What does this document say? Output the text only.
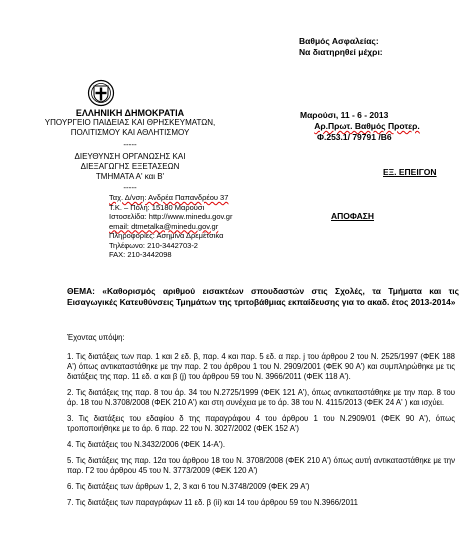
Βαθμός Ασφαλείας:
Να διατηρηθεί μέχρι:
Μαρούσι, 11 - 6 - 2013
Αρ.Πρωτ. Βαθμός Προτερ.
Φ.253.1/ 79791 /Β6
ΕΞ. ΕΠΕΙΓΟΝ
ΑΠΟΦΑΣΗ
ΕΛΛΗΝΙΚΗ ΔΗΜΟΚΡΑΤΙΑ
ΥΠΟΥΡΓΕΙΟ ΠΑΙΔΕΙΑΣ ΚΑΙ ΘΡΗΣΚΕΥΜΑΤΩΝ,
ΠΟΛΙΤΙΣΜΟΥ ΚΑΙ ΑΘΛΗΤΙΣΜΟΥ
-----
ΔΙΕΥΘΥΝΣΗ ΟΡΓΑΝΩΣΗΣ ΚΑΙ
ΔΙΕΞΑΓΩΓΗΣ ΕΞΕΤΑΣΕΩΝ
ΤΜΗΜΑΤΑ Α' και Β'
-----
Ταχ. Δ/νση: Ανδρέα Παπανδρέου 37
Τ.Κ. – Πόλη: 15180 Μαρούσι
Ιστοσελίδα: http://www.minedu.gov.gr
email: dtmetalka@minedu.gov.gr
Πληροφορίες: Ασημίνα Δρεμέτσικα
Τηλέφωνο: 210-3442703-2
FAX: 210-3442098
ΘΕΜΑ: «Καθορισμός αριθμού εισακτέων σπουδαστών στις Σχολές, τα Τμήματα και τις Εισαγωγικές Κατευθύνσεις Τμημάτων της τριτοβάθμιας εκπαίδευσης για το ακαδ. έτος 2013-2014»
Έχοντας υπόψη:

1. Τις διατάξεις των παρ. 1 και 2 εδ. β, παρ. 4 και παρ. 5 εδ. α περ. j του άρθρου 2 του Ν. 2525/1997 (ΦΕΚ 188 Α') όπως αντικαταστάθηκε με την παρ. 2 του άρθρου 1 του Ν. 2909/2001 (ΦΕΚ 90 Α') και συμπληρώθηκε με τις διατάξεις της παρ. 11 εδ. α και β (j) του άρθρου 59 του Ν. 3966/2011 (ΦΕΚ 118 Α').

2. Τις διατάξεις της παρ. 8 του άρ. 34 του Ν.2725/1999 (ΦΕΚ 121 Α'), όπως αντικαταστάθηκε με την παρ. 8 του άρ. 18 του Ν.3708/2008 (ΦΕΚ 210 Α') και στη συνέχεια με το άρ. 38 του Ν. 4115/2013 (ΦΕΚ 24 Α' ) και ισχύει.

3. Τις διατάξεις του εδαφίου δ της παραγράφου 4 του άρθρου 1 του Ν.2909/01 (ΦΕΚ 90 Α'), όπως τροποποιήθηκε με το άρ. 6 παρ. 22 του Ν. 3027/2002 (ΦΕΚ 152 Α')

4. Τις διατάξεις του Ν.3432/2006 (ΦΕΚ 14-Α').

5. Τις διατάξεις της παρ. 12α του άρθρου 18 του Ν. 3708/2008 (ΦΕΚ 210 Α') όπως αυτή αντικαταστάθηκε με την παρ. Γ2 του άρθρου 45 του Ν. 3773/2009 (ΦΕΚ 120 Α')

6. Τις διατάξεις των άρθρων 1, 2, 3 και 6 του Ν.3748/2009 (ΦΕΚ 29 Α')

7. Τις διατάξεις των παραγράφων 11 εδ. β (ii) και 14 του άρθρου 59 του Ν.3966/2011
